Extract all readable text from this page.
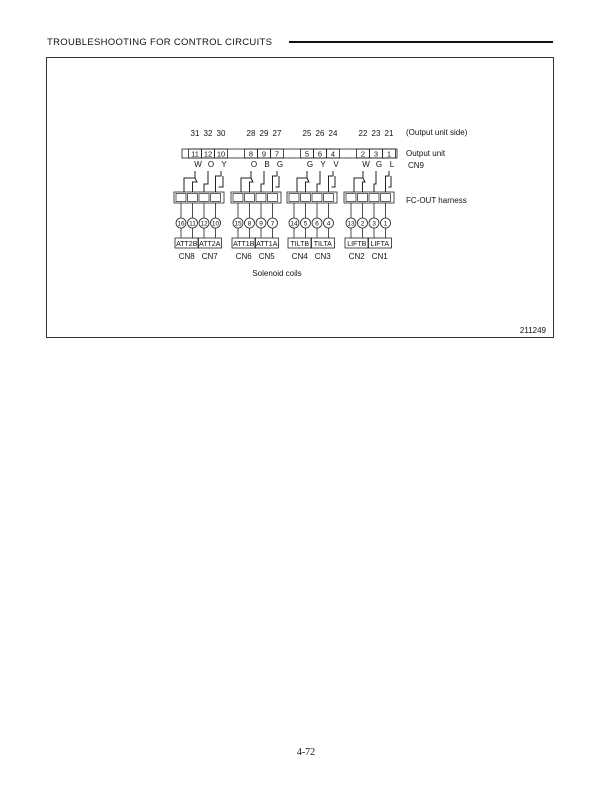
TROUBLESHOOTING FOR CONTROL CIRCUITS
31 32 30	28 29 27	25 26 24	22 23 21 (Output unit side)
11 12 10	8 9 7	5 6 4	2 3 1 Output unit
CN9
W O Y	O B G	G Y V	W G L
FC-OUT harness
16 11 12 10 15 8 9 7 14 5 6 4	13 2 3 1
ATT2B ATT2A ATT1B ATT1A TILTB TILTA LIFTB LIFTA
CN8 CN7 CN6 CN5 CN4 CN3 CN2 CN1
Solenoid coils
211249
4-72
